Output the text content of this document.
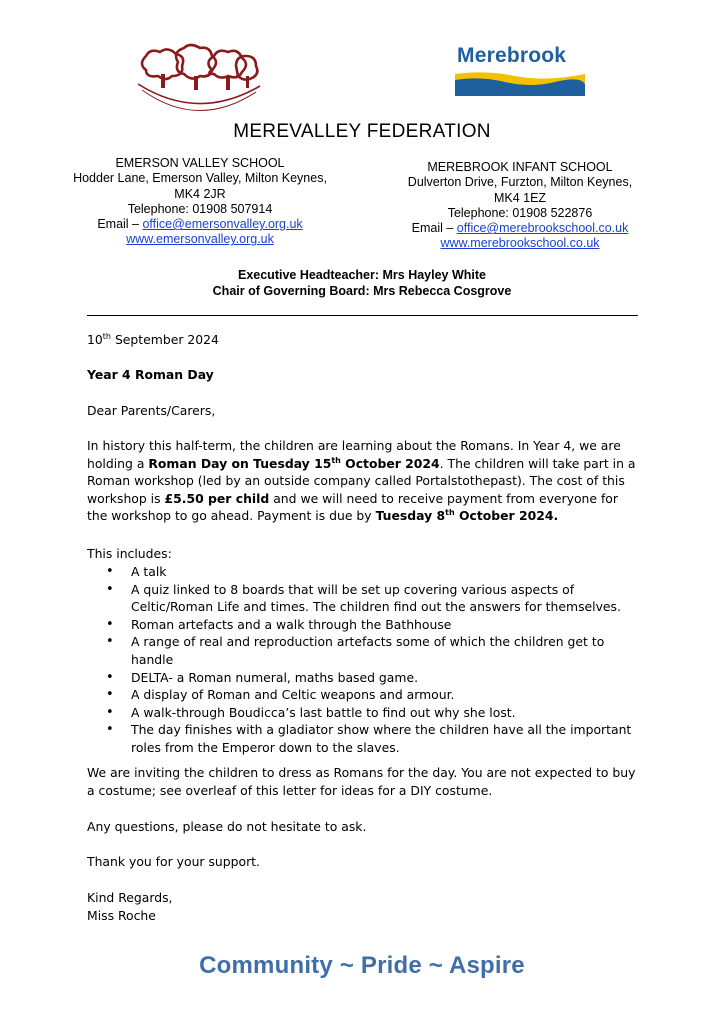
Merebrook
MEREVALLEY FEDERATION
EMERSON VALLEY SCHOOL
Hodder Lane, Emerson Valley, Milton Keynes,
MK4 2JR
Telephone: 01908 507914
Email – office@emersonvalley.org.uk
www.emersonvalley.org.uk
MEREBROOK INFANT SCHOOL
Dulverton Drive, Furzton, Milton Keynes,
MK4 1EZ
Telephone: 01908 522876
Email – office@merebrookschool.co.uk
www.merebrookschool.co.uk
Executive Headteacher: Mrs Hayley White
Chair of Governing Board: Mrs Rebecca Cosgrove
10th September 2024
Year 4 Roman Day
Dear Parents/Carers,
In history this half-term, the children are learning about the Romans. In Year 4, we are holding a Roman Day on Tuesday 15th October 2024. The children will take part in a Roman workshop (led by an outside company called Portalstothepast). The cost of this workshop is £5.50 per child and we will need to receive payment from everyone for the workshop to go ahead. Payment is due by Tuesday 8th October 2024.
This includes:
• A talk
• A quiz linked to 8 boards that will be set up covering various aspects of Celtic/Roman Life and times. The children find out the answers for themselves.
• Roman artefacts and a walk through the Bathhouse
• A range of real and reproduction artefacts some of which the children get to handle
• DELTA- a Roman numeral, maths based game.
• A display of Roman and Celtic weapons and armour.
• A walk-through Boudicca’s last battle to find out why she lost.
• The day finishes with a gladiator show where the children have all the important roles from the Emperor down to the slaves.
We are inviting the children to dress as Romans for the day. You are not expected to buy a costume; see overleaf of this letter for ideas for a DIY costume.
Any questions, please do not hesitate to ask.
Thank you for your support.
Kind Regards,
Miss Roche
Community ~ Pride ~ Aspire
